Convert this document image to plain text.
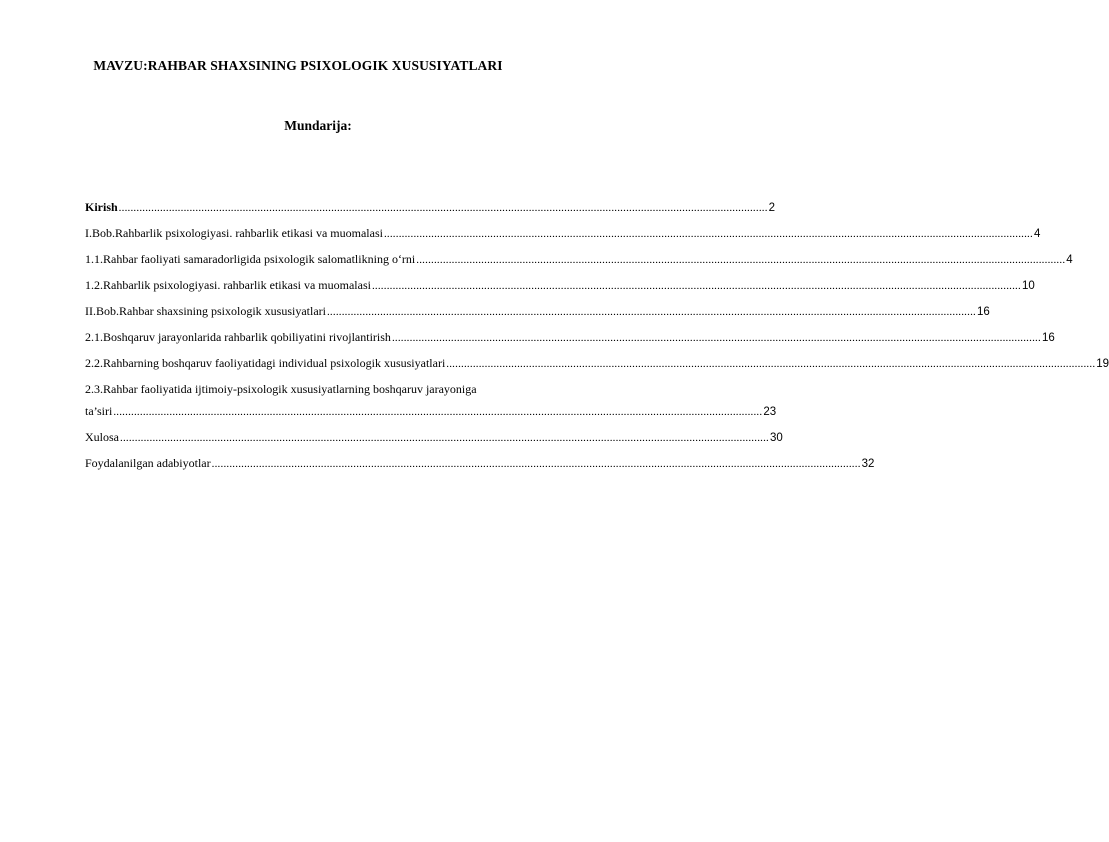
MAVZU:RAHBAR SHAXSINING PSIXOLOGIK XUSUSIYATLARI
Mundarija:
Kirish ............................................................................................................................................................................................................................ 2
I.Bob.Rahbarlik psixologiyasi. rahbarlik etikasi va muomalasi ............................................................................................................................................................................................................................ 4
1.1.Rahbar faoliyati samaradorligida psixologik salomatlikning o‘rni ............................................................................................................................................................................................................................ 4
1.2.Rahbarlik psixologiyasi. rahbarlik etikasi va muomalasi ............................................................................................................................................................................................................................ 10
II.Bob.Rahbar shaxsining psixologik xususiyatlari ............................................................................................................................................................................................................................ 16
2.1.Boshqaruv jarayonlarida rahbarlik qobiliyatini rivojlantirish ............................................................................................................................................................................................................................ 16
2.2.Rahbarning boshqaruv faoliyatidagi individual psixologik xususiyatlari ............................................................................................................................................................................................................................ 19
2.3.Rahbar faoliyatida ijtimoiy-psixologik xususiyatlarning boshqaruv jarayoniga
ta’siri ............................................................................................................................................................................................................................ 23
Xulosa ............................................................................................................................................................................................................................ 30
Foydalanilgan adabiyotlar ............................................................................................................................................................................................................................ 32
